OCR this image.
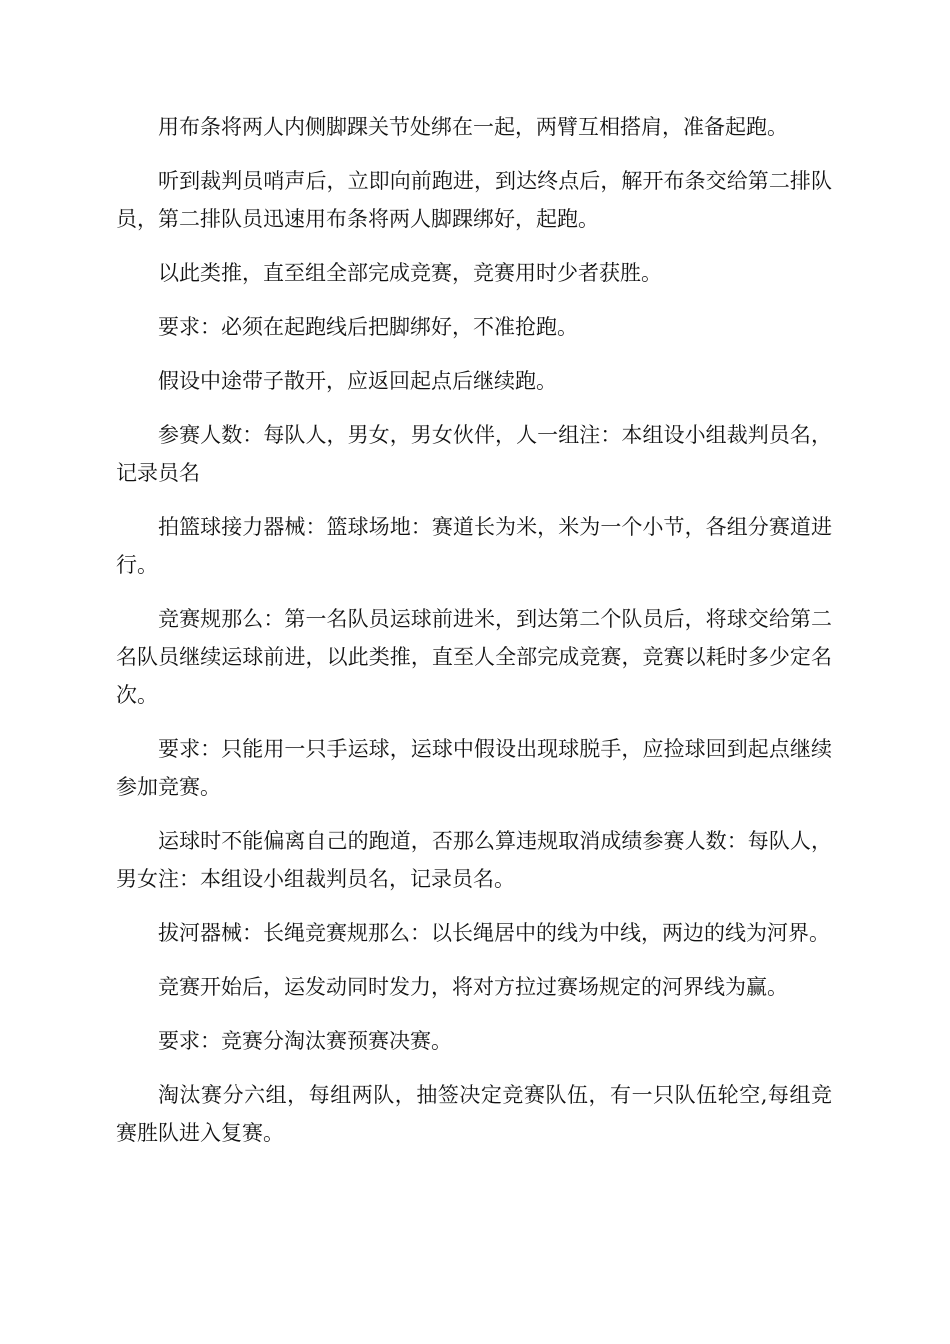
用布条将两人内侧脚踝关节处绑在一起，两臂互相搭肩，准备起跑。

听到裁判员哨声后，立即向前跑进，到达终点后，解开布条交给第二排队员，第二排队员迅速用布条将两人脚踝绑好，起跑。

以此类推，直至组全部完成竞赛，竞赛用时少者获胜。

要求：必须在起跑线后把脚绑好，不准抢跑。

假设中途带子散开，应返回起点后继续跑。

参赛人数：每队人，男女，男女伙伴，人一组注：本组设小组裁判员名，记录员名

拍篮球接力器械：篮球场地：赛道长为米，米为一个小节，各组分赛道进行。

竞赛规那么：第一名队员运球前进米，到达第二个队员后，将球交给第二名队员继续运球前进，以此类推，直至人全部完成竞赛，竞赛以耗时多少定名次。

要求：只能用一只手运球，运球中假设出现球脱手，应捡球回到起点继续参加竞赛。

运球时不能偏离自己的跑道，否那么算违规取消成绩参赛人数：每队人，男女注：本组设小组裁判员名，记录员名。

拔河器械：长绳竞赛规那么：以长绳居中的线为中线，两边的线为河界。

竞赛开始后，运发动同时发力，将对方拉过赛场规定的河界线为赢。

要求：竞赛分淘汰赛预赛决赛。

淘汰赛分六组，每组两队，抽签决定竞赛队伍，有一只队伍轮空,每组竞赛胜队进入复赛。
